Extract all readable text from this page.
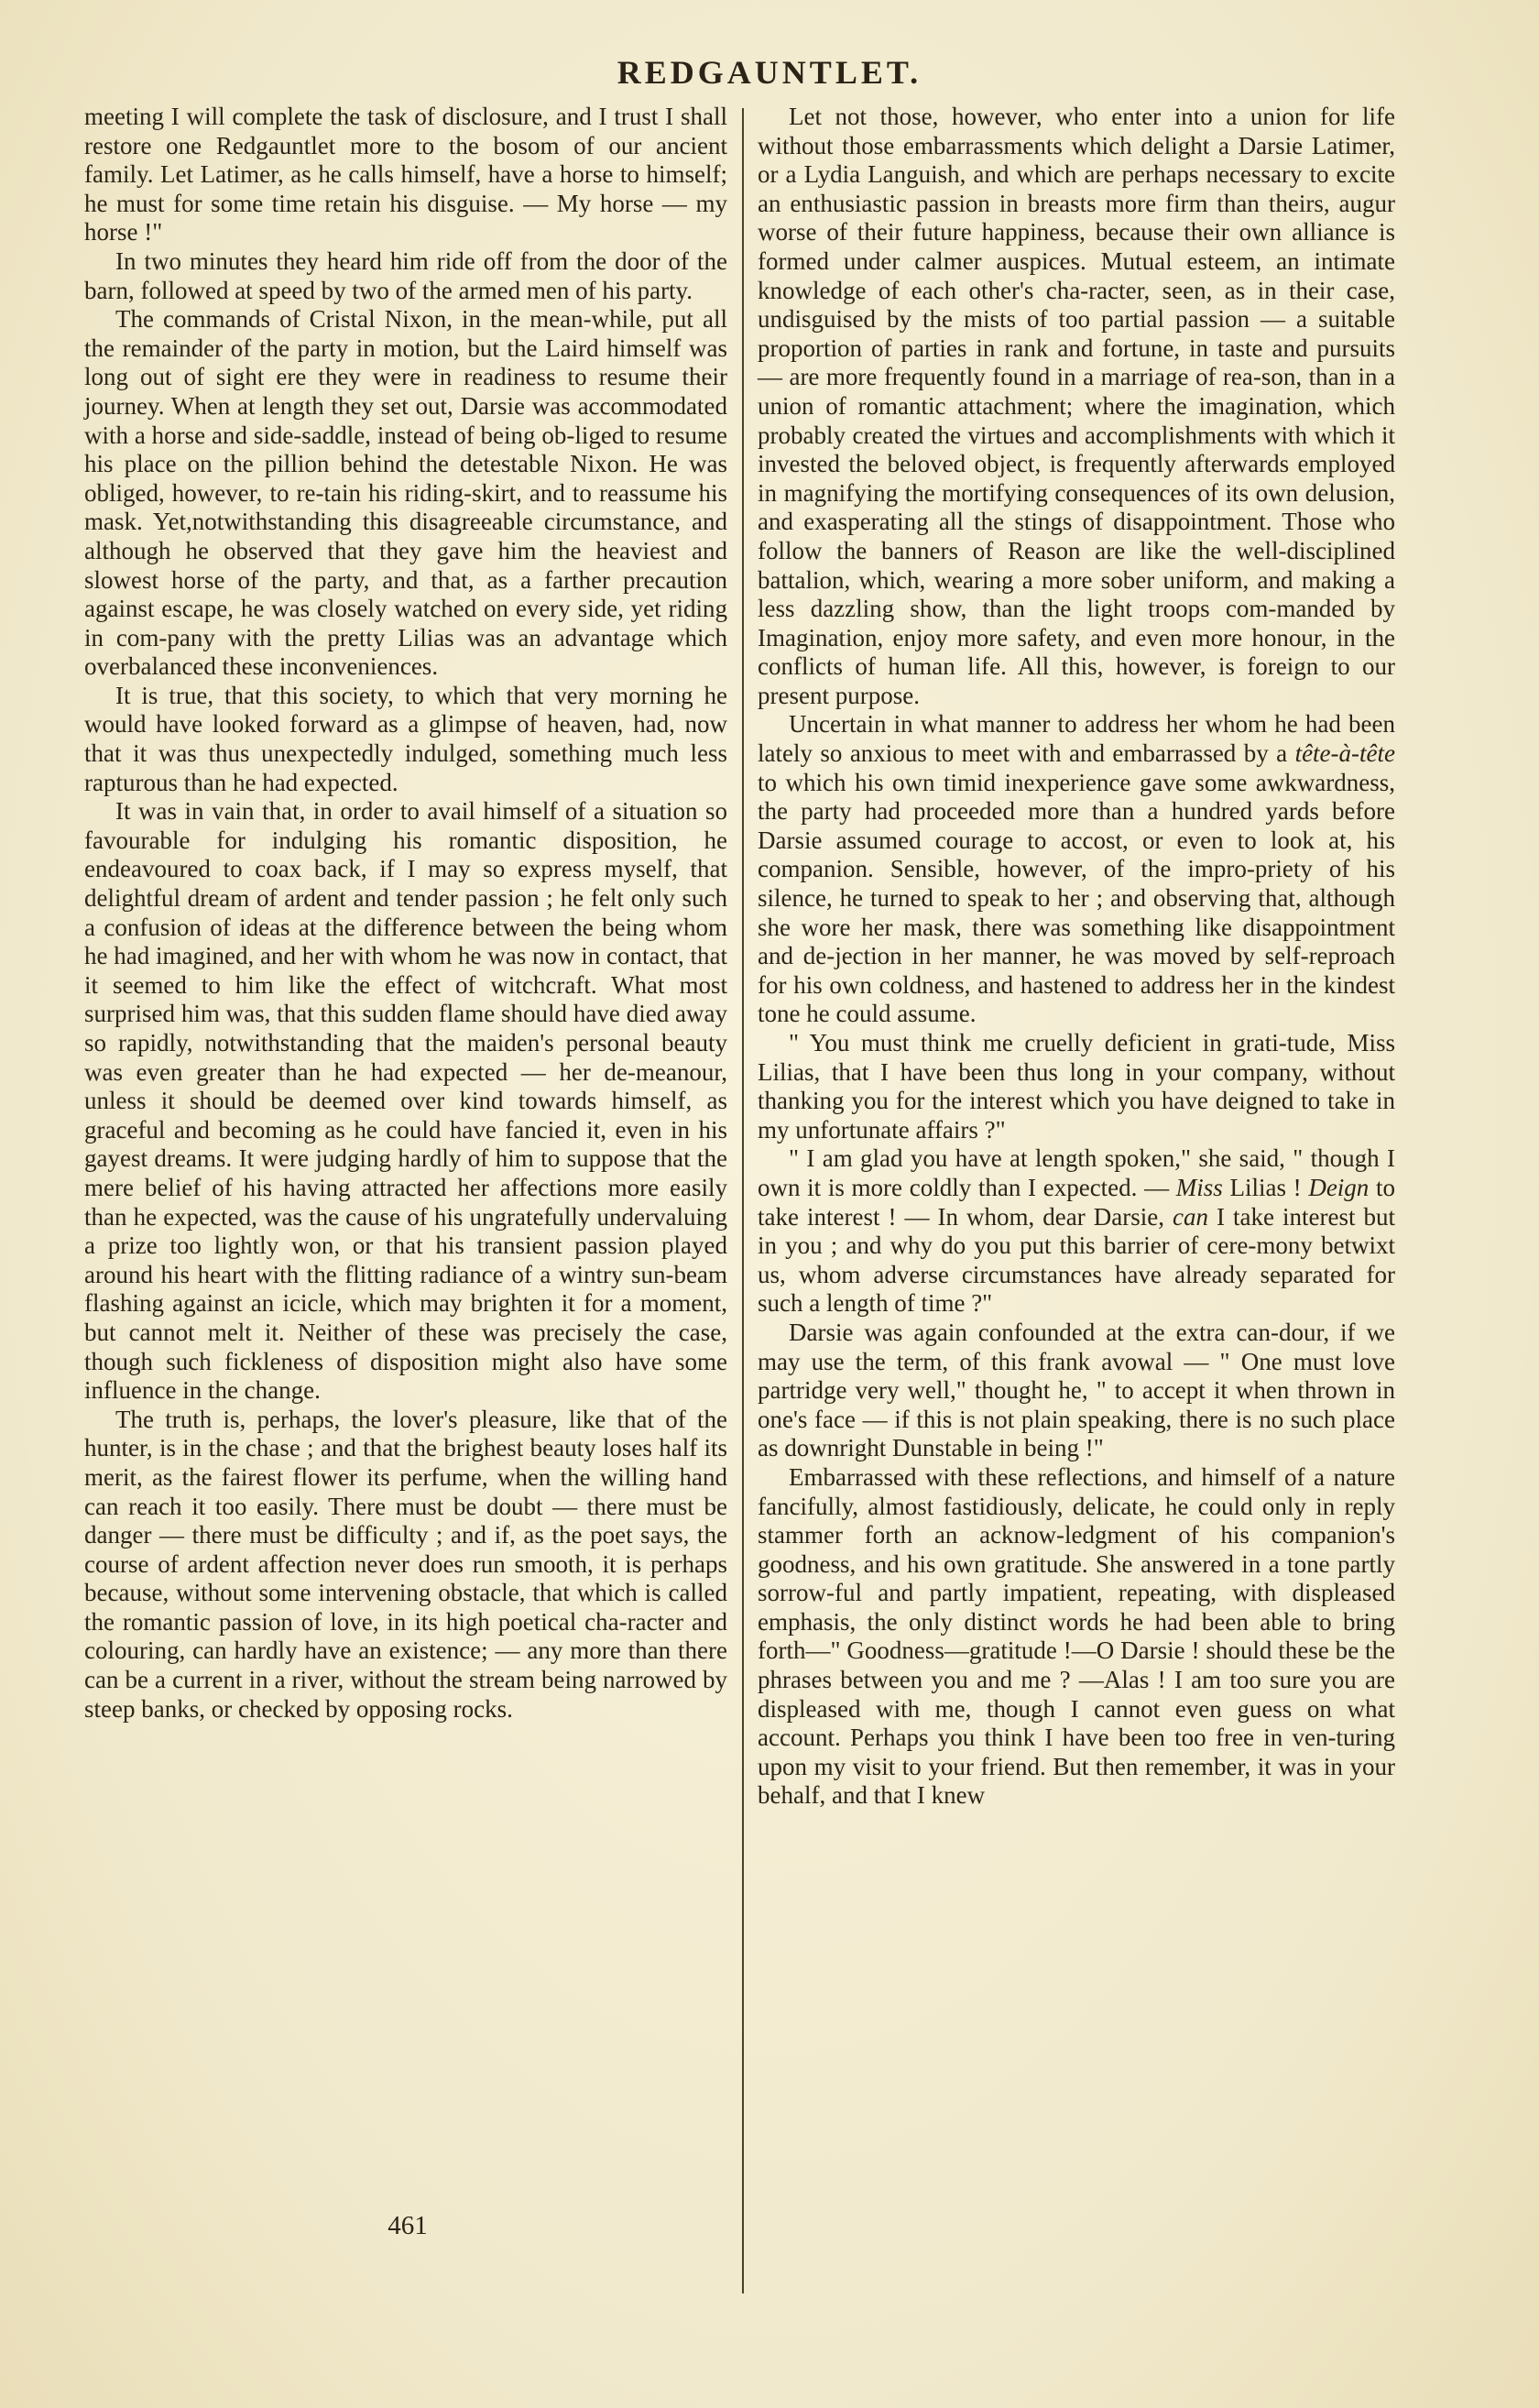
REDGAUNTLET.

meeting I will complete the task of disclosure, and I trust I shall restore one Redgauntlet more to the bosom of our ancient family. Let Latimer, as he calls himself, have a horse to himself; he must for some time retain his disguise. — My horse — my horse !"

In two minutes they heard him ride off from the door of the barn, followed at speed by two of the armed men of his party.

The commands of Cristal Nixon, in the mean-while, put all the remainder of the party in motion, but the Laird himself was long out of sight ere they were in readiness to resume their journey. When at length they set out, Darsie was accommodated with a horse and side-saddle, instead of being ob-liged to resume his place on the pillion behind the detestable Nixon. He was obliged, however, to re-tain his riding-skirt, and to reassume his mask. Yet,notwithstanding this disagreeable circumstance, and although he observed that they gave him the heaviest and slowest horse of the party, and that, as a farther precaution against escape, he was closely watched on every side, yet riding in com-pany with the pretty Lilias was an advantage which overbalanced these inconveniences.

It is true, that this society, to which that very morning he would have looked forward as a glimpse of heaven, had, now that it was thus unexpectedly indulged, something much less rapturous than he had expected.

It was in vain that, in order to avail himself of a situation so favourable for indulging his romantic disposition, he endeavoured to coax back, if I may so express myself, that delightful dream of ardent and tender passion ; he felt only such a confusion of ideas at the difference between the being whom he had imagined, and her with whom he was now in contact, that it seemed to him like the effect of witchcraft. What most surprised him was, that this sudden flame should have died away so rapidly, notwithstanding that the maiden's personal beauty was even greater than he had expected — her de-meanour, unless it should be deemed over kind towards himself, as graceful and becoming as he could have fancied it, even in his gayest dreams. It were judging hardly of him to suppose that the mere belief of his having attracted her affections more easily than he expected, was the cause of his ungratefully undervaluing a prize too lightly won, or that his transient passion played around his heart with the flitting radiance of a wintry sun-beam flashing against an icicle, which may brighten it for a moment, but cannot melt it. Neither of these was precisely the case, though such fickleness of disposition might also have some influence in the change.

The truth is, perhaps, the lover's pleasure, like that of the hunter, is in the chase ; and that the brighest beauty loses half its merit, as the fairest flower its perfume, when the willing hand can reach it too easily. There must be doubt — there must be danger — there must be difficulty ; and if, as the poet says, the course of ardent affection never does run smooth, it is perhaps because, without some intervening obstacle, that which is called the romantic passion of love, in its high poetical cha-racter and colouring, can hardly have an existence; — any more than there can be a current in a river, without the stream being narrowed by steep banks, or checked by opposing rocks.

Let not those, however, who enter into a union for life without those embarrassments which delight a Darsie Latimer, or a Lydia Languish, and which are perhaps necessary to excite an enthusiastic passion in breasts more firm than theirs, augur worse of their future happiness, because their own alliance is formed under calmer auspices. Mutual esteem, an intimate knowledge of each other's cha-racter, seen, as in their case, undisguised by the mists of too partial passion — a suitable proportion of parties in rank and fortune, in taste and pursuits — are more frequently found in a marriage of rea-son, than in a union of romantic attachment; where the imagination, which probably created the virtues and accomplishments with which it invested the beloved object, is frequently afterwards employed in magnifying the mortifying consequences of its own delusion, and exasperating all the stings of disappointment. Those who follow the banners of Reason are like the well-disciplined battalion, which, wearing a more sober uniform, and making a less dazzling show, than the light troops com-manded by Imagination, enjoy more safety, and even more honour, in the conflicts of human life. All this, however, is foreign to our present purpose.

Uncertain in what manner to address her whom he had been lately so anxious to meet with and embarrassed by a tête-à-tête to which his own timid inexperience gave some awkwardness, the party had proceeded more than a hundred yards before Darsie assumed courage to accost, or even to look at, his companion. Sensible, however, of the impro-priety of his silence, he turned to speak to her ; and observing that, although she wore her mask, there was something like disappointment and de-jection in her manner, he was moved by self-reproach for his own coldness, and hastened to address her in the kindest tone he could assume.

" You must think me cruelly deficient in grati-tude, Miss Lilias, that I have been thus long in your company, without thanking you for the interest which you have deigned to take in my unfortunate affairs ?"

" I am glad you have at length spoken," she said, " though I own it is more coldly than I expected. — Miss Lilias ! Deign to take interest ! — In whom, dear Darsie, can I take interest but in you ; and why do you put this barrier of cere-mony betwixt us, whom adverse circumstances have already separated for such a length of time ?"

Darsie was again confounded at the extra can-dour, if we may use the term, of this frank avowal — " One must love partridge very well," thought he, " to accept it when thrown in one's face — if this is not plain speaking, there is no such place as downright Dunstable in being !"

Embarrassed with these reflections, and himself of a nature fancifully, almost fastidiously, delicate, he could only in reply stammer forth an acknow-ledgment of his companion's goodness, and his own gratitude. She answered in a tone partly sorrow-ful and partly impatient, repeating, with displeased emphasis, the only distinct words he had been able to bring forth—" Goodness—gratitude !—O Darsie ! should these be the phrases between you and me ? —Alas ! I am too sure you are displeased with me, though I cannot even guess on what account. Perhaps you think I have been too free in ven-turing upon my visit to your friend. But then remember, it was in your behalf, and that I knew

461
